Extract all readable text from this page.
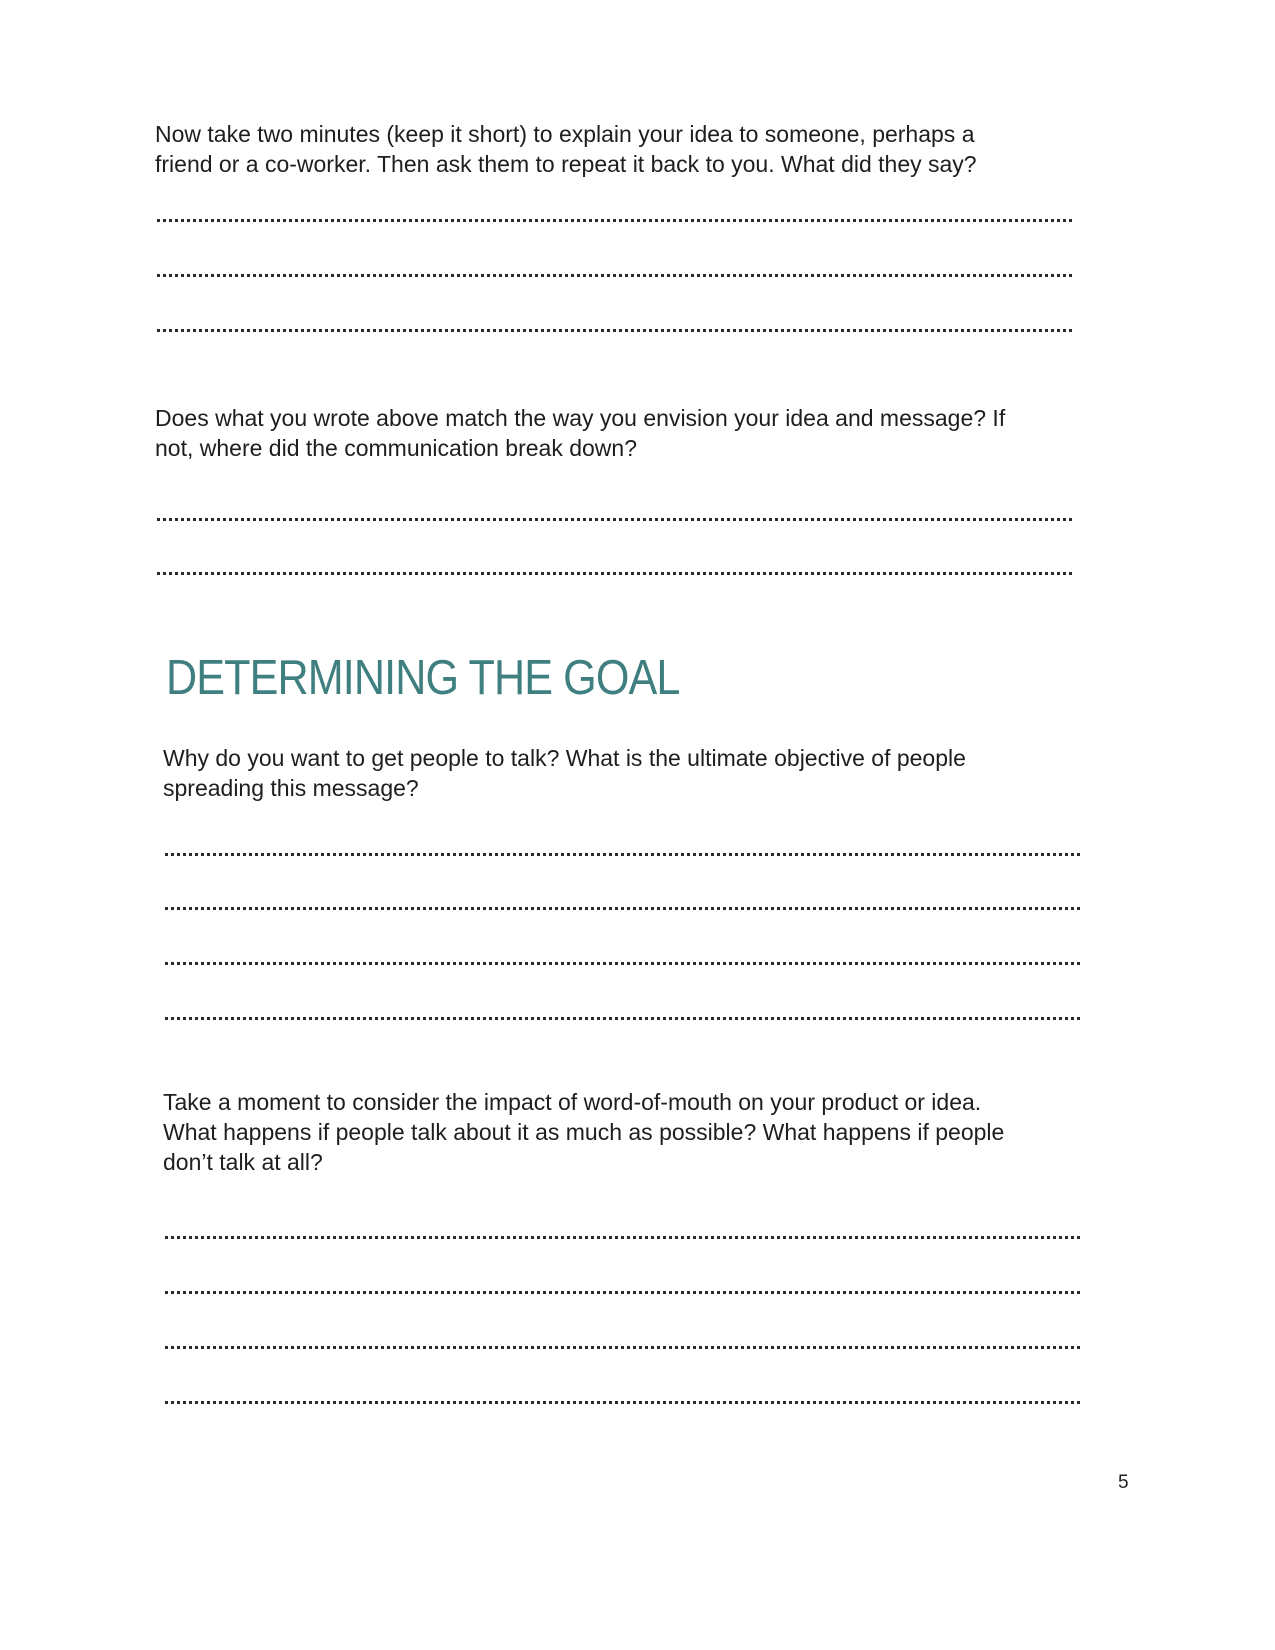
Now take two minutes (keep it short) to explain your idea to someone, perhaps a
friend or a co-worker. Then ask them to repeat it back to you. What did they say?

Does what you wrote above match the way you envision your idea and message? If
not, where did the communication break down?

DETERMINING THE GOAL

Why do you want to get people to talk? What is the ultimate objective of people
spreading this message?

Take a moment to consider the impact of word-of-mouth on your product or idea.
What happens if people talk about it as much as possible? What happens if people
don’t talk at all?

5
